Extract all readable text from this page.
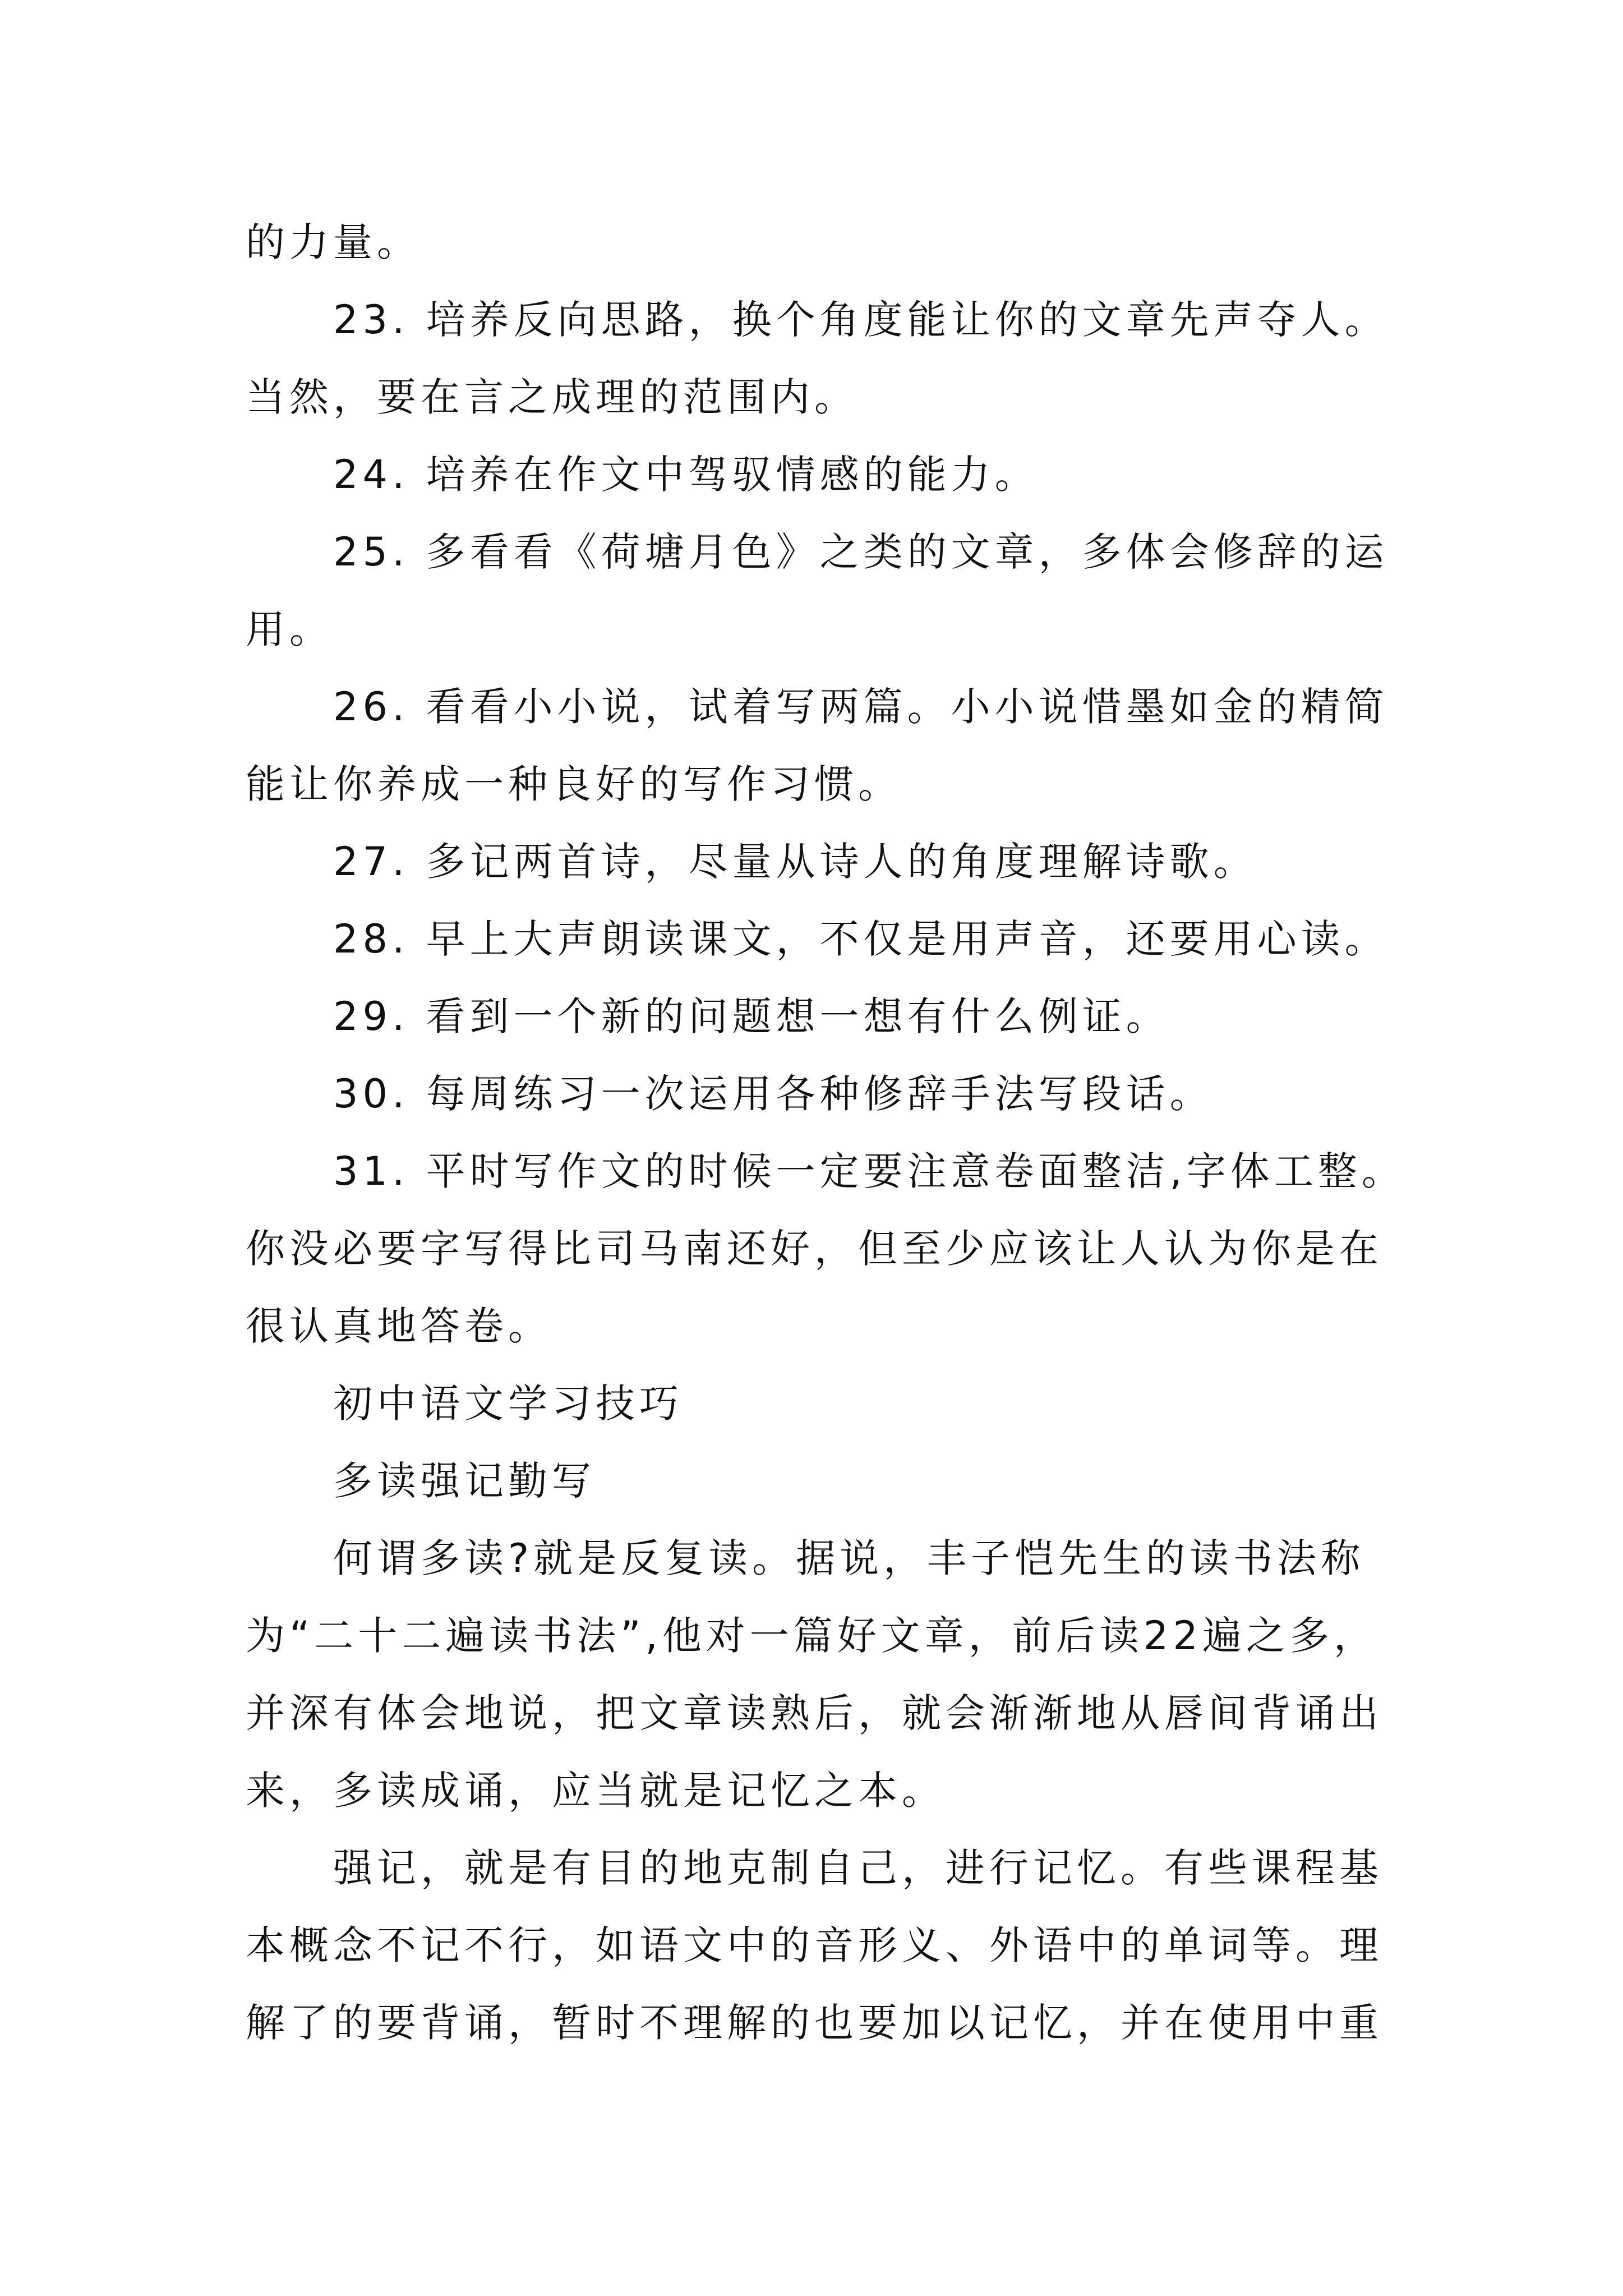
的力量。
23. 培养反向思路，换个角度能让你的文章先声夺人。
当然，要在言之成理的范围内。
24. 培养在作文中驾驭情感的能力。
25. 多看看《荷塘月色》之类的文章，多体会修辞的运
用。
26. 看看小小说，试着写两篇。小小说惜墨如金的精简
能让你养成一种良好的写作习惯。
27. 多记两首诗，尽量从诗人的角度理解诗歌。
28. 早上大声朗读课文，不仅是用声音，还要用心读。
29. 看到一个新的问题想一想有什么例证。
30. 每周练习一次运用各种修辞手法写段话。
31. 平时写作文的时候一定要注意卷面整洁,字体工整。
你没必要字写得比司马南还好，但至少应该让人认为你是在
很认真地答卷。
初中语文学习技巧
多读强记勤写
何谓多读?就是反复读。据说，丰子恺先生的读书法称
为“二十二遍读书法”,他对一篇好文章，前后读22遍之多，
并深有体会地说，把文章读熟后，就会渐渐地从唇间背诵出
来，多读成诵，应当就是记忆之本。
强记，就是有目的地克制自己，进行记忆。有些课程基
本概念不记不行，如语文中的音形义、外语中的单词等。理
解了的要背诵，暂时不理解的也要加以记忆，并在使用中重
